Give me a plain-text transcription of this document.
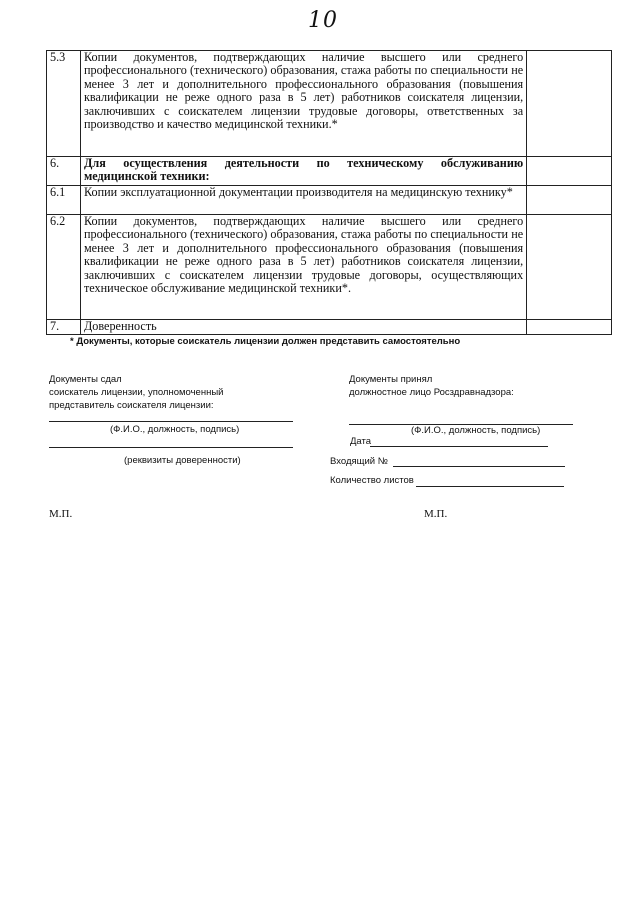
10
5.3	Копии документов, подтверждающих наличие высшего или среднего профессионального (технического) образования, стажа работы по специальности не менее 3 лет и дополнительного профессионального образования (повышения квалификации не реже одного раза в 5 лет) работников соискателя лицензии, заключивших с соискателем лицензии трудовые договоры, ответственных за производство и качество медицинской техники.*	
6.	Для осуществления деятельности по техническому обслуживанию медицинской техники:	
6.1	Копии эксплуатационной документации производителя на медицинскую технику*	
6.2	Копии документов, подтверждающих наличие высшего или среднего профессионального (технического) образования, стажа работы по специальности не менее 3 лет и дополнительного профессионального образования (повышения квалификации не реже одного раза в 5 лет) работников соискателя лицензии, заключивших с соискателем лицензии трудовые договоры, осуществляющих техническое обслуживание медицинской техники*.	
7.	Доверенность	
* Документы, которые соискатель лицензии должен представить самостоятельно
Документы сдал
соискатель лицензии, уполномоченный
представитель соискателя лицензии:
(Ф.И.О., должность, подпись)
(реквизиты доверенности)
М.П.
Документы принял
должностное лицо Росздравнадзора:
(Ф.И.О., должность, подпись)
Дата
Входящий №
Количество листов
М.П.
